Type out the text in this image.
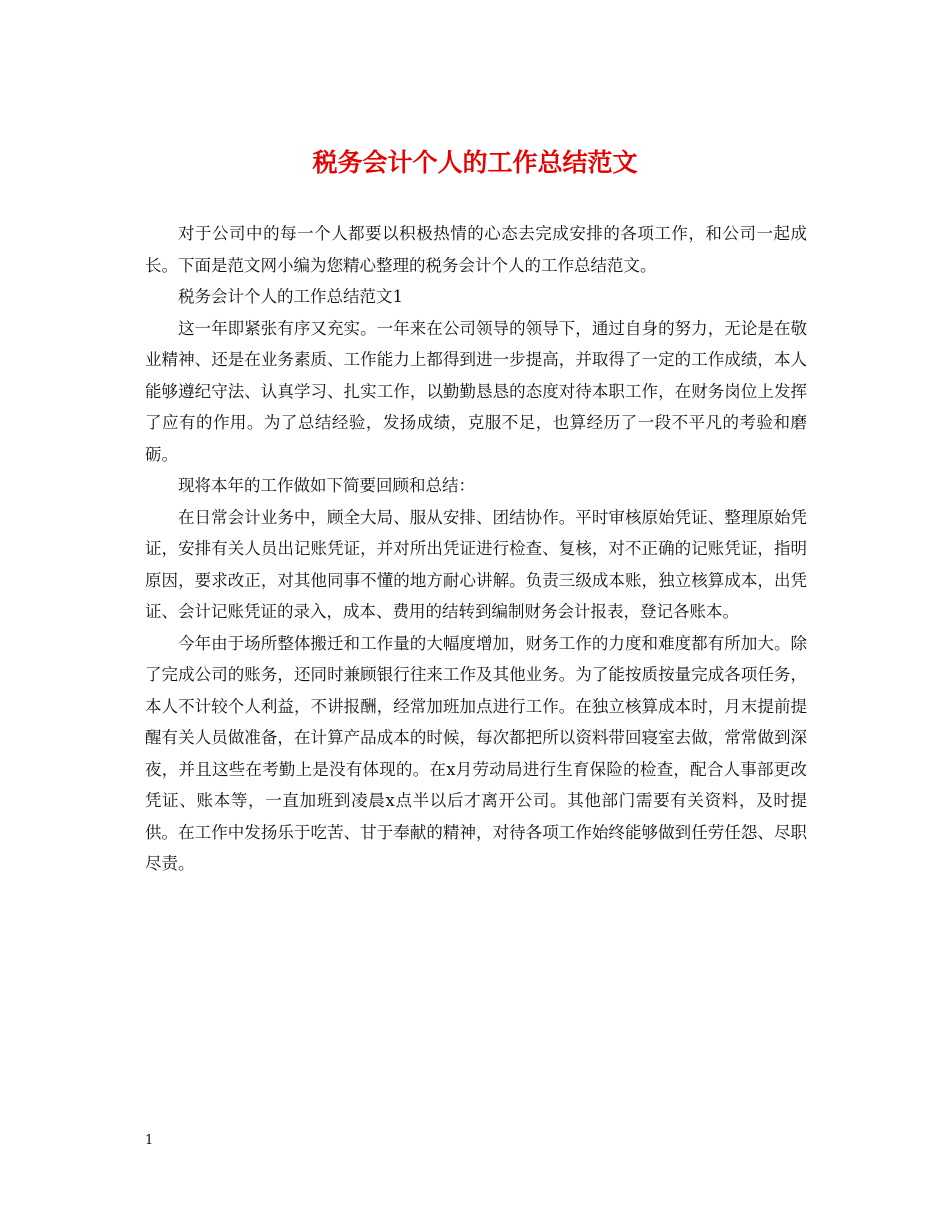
税务会计个人的工作总结范文

对于公司中的每一个人都要以积极热情的心态去完成安排的各项工作，和公司一起成长。下面是范文网小编为您精心整理的税务会计个人的工作总结范文。

税务会计个人的工作总结范文1

这一年即紧张有序又充实。一年来在公司领导的领导下，通过自身的努力，无论是在敬业精神、还是在业务素质、工作能力上都得到进一步提高，并取得了一定的工作成绩，本人能够遵纪守法、认真学习、扎实工作，以勤勤恳恳的态度对待本职工作，在财务岗位上发挥了应有的作用。为了总结经验，发扬成绩，克服不足，也算经历了一段不平凡的考验和磨砺。

现将本年的工作做如下简要回顾和总结：

在日常会计业务中，顾全大局、服从安排、团结协作。平时审核原始凭证、整理原始凭证，安排有关人员出记账凭证，并对所出凭证进行检查、复核，对不正确的记账凭证，指明原因，要求改正，对其他同事不懂的地方耐心讲解。负责三级成本账，独立核算成本，出凭证、会计记账凭证的录入，成本、费用的结转到编制财务会计报表，登记各账本。

今年由于场所整体搬迁和工作量的大幅度增加，财务工作的力度和难度都有所加大。除了完成公司的账务，还同时兼顾银行往来工作及其他业务。为了能按质按量完成各项任务，本人不计较个人利益，不讲报酬，经常加班加点进行工作。在独立核算成本时，月末提前提醒有关人员做准备，在计算产品成本的时候，每次都把所以资料带回寝室去做，常常做到深夜，并且这些在考勤上是没有体现的。在x月劳动局进行生育保险的检查，配合人事部更改凭证、账本等，一直加班到凌晨x点半以后才离开公司。其他部门需要有关资料，及时提供。在工作中发扬乐于吃苦、甘于奉献的精神，对待各项工作始终能够做到任劳任怨、尽职尽责。

1
